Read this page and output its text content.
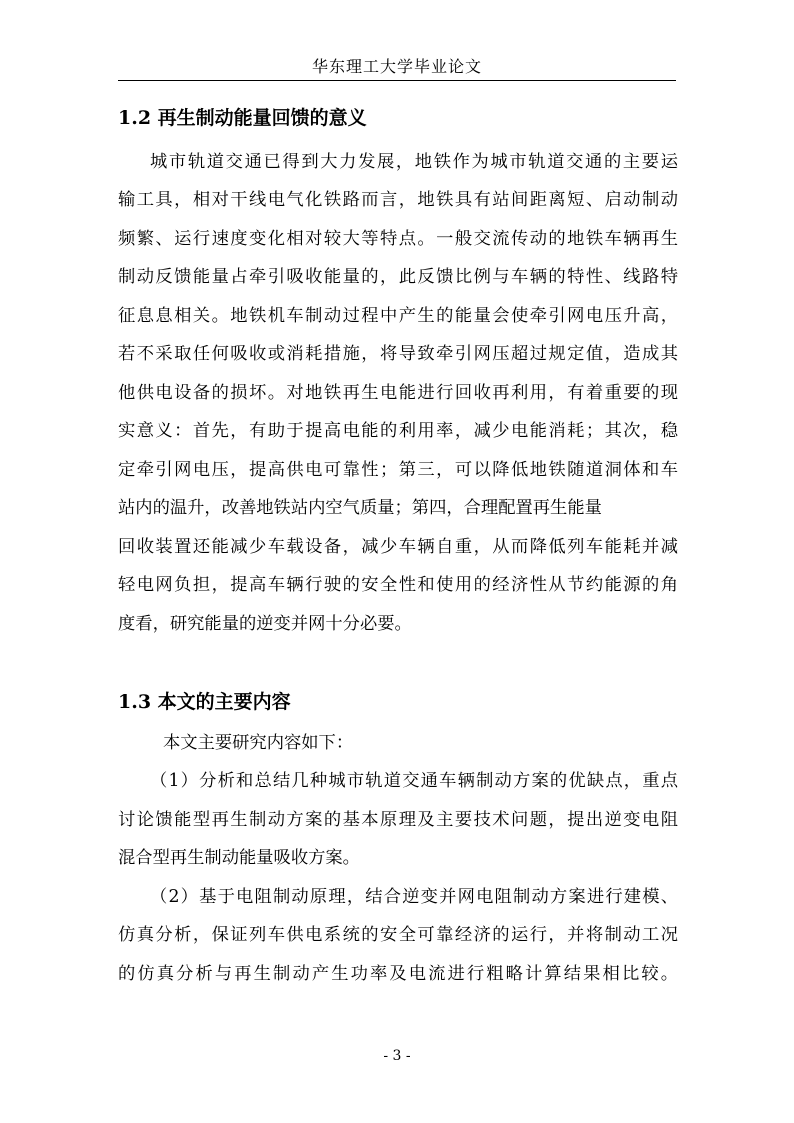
华东理工大学毕业论文
1.2 再生制动能量回馈的意义
城市轨道交通已得到大力发展，地铁作为城市轨道交通的主要运
输工具，相对干线电气化铁路而言，地铁具有站间距离短、启动制动
频繁、运行速度变化相对较大等特点。一般交流传动的地铁车辆再生
制动反馈能量占牵引吸收能量的，此反馈比例与车辆的特性、线路特
征息息相关。地铁机车制动过程中产生的能量会使牵引网电压升高，
若不采取任何吸收或消耗措施，将导致牵引网压超过规定值，造成其
他供电设备的损坏。对地铁再生电能进行回收再利用，有着重要的现
实意义：首先，有助于提高电能的利用率，减少电能消耗；其次，稳
定牵引网电压，提高供电可靠性；第三，可以降低地铁随道洞体和车
站内的温升，改善地铁站内空气质量；第四，合理配置再生能量
回收装置还能减少车载设备，减少车辆自重，从而降低列车能耗并减
轻电网负担，提高车辆行驶的安全性和使用的经济性从节约能源的角
度看，研究能量的逆变并网十分必要。
1.3 本文的主要内容
本文主要研究内容如下：
（1）分析和总结几种城市轨道交通车辆制动方案的优缺点，重点
讨论馈能型再生制动方案的基本原理及主要技术问题，提出逆变电阻
混合型再生制动能量吸收方案。
（2）基于电阻制动原理，结合逆变并网电阻制动方案进行建模、
仿真分析，保证列车供电系统的安全可靠经济的运行，并将制动工况
的仿真分析与再生制动产生功率及电流进行粗略计算结果相比较。
- 3 -
